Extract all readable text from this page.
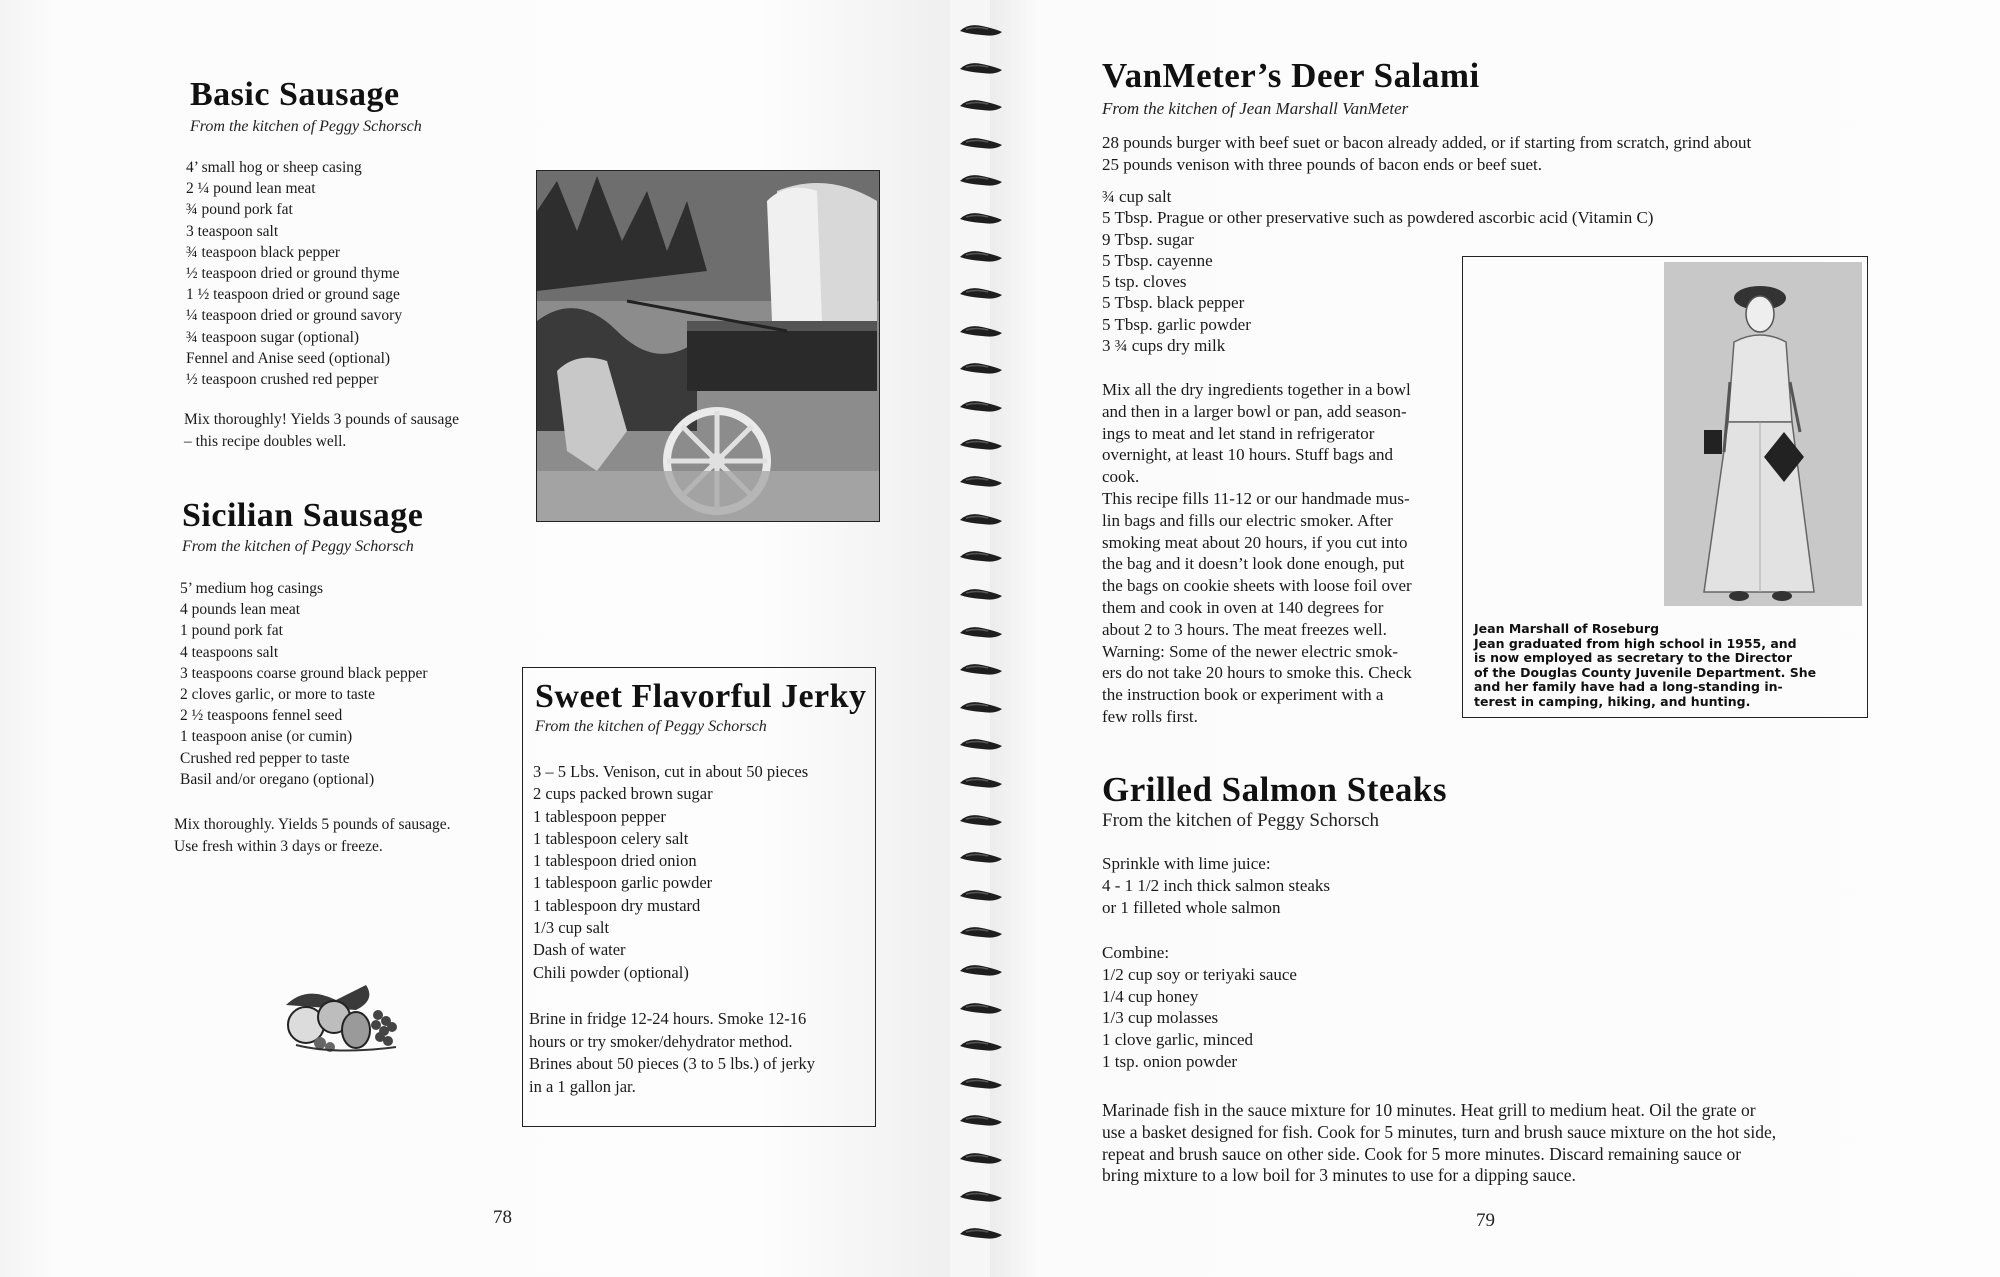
Basic Sausage
From the kitchen of Peggy Schorsch
4’ small hog or sheep casing
2 ¼ pound lean meat
¾ pound pork fat
3 teaspoon salt
¾ teaspoon black pepper
½ teaspoon dried or ground thyme
1 ½ teaspoon dried or ground sage
¼ teaspoon dried or ground savory
¾ teaspoon sugar (optional)
Fennel and Anise seed (optional)
½ teaspoon crushed red pepper
Mix thoroughly! Yields 3 pounds of sausage
– this recipe doubles well.
Sicilian Sausage
From the kitchen of Peggy Schorsch
5’ medium hog casings
4 pounds lean meat
1 pound pork fat
4 teaspoons salt
3 teaspoons coarse ground black pepper
2 cloves garlic, or more to taste
2 ½ teaspoons fennel seed
1 teaspoon anise (or cumin)
Crushed red pepper to taste
Basil and/or oregano (optional)
Mix thoroughly. Yields 5 pounds of sausage.
Use fresh within 3 days or freeze.
Sweet Flavorful Jerky
From the kitchen of Peggy Schorsch
3 – 5 Lbs. Venison, cut in about 50 pieces
2 cups packed brown sugar
1 tablespoon pepper
1 tablespoon celery salt
1 tablespoon dried onion
1 tablespoon garlic powder
1 tablespoon dry mustard
1/3 cup salt
Dash of water
Chili powder (optional)
Brine in fridge 12-24 hours. Smoke 12-16
hours or try smoker/dehydrator method.
Brines about 50 pieces (3 to 5 lbs.) of jerky
in a 1 gallon jar.
78
VanMeter’s Deer Salami
From the kitchen of Jean Marshall VanMeter
28 pounds burger with beef suet or bacon already added, or if starting from scratch, grind about
25 pounds venison with three pounds of bacon ends or beef suet.
¾ cup salt
5 Tbsp. Prague or other preservative such as powdered ascorbic acid (Vitamin C)
9 Tbsp. sugar
5 Tbsp. cayenne
5 tsp. cloves
5 Tbsp. black pepper
5 Tbsp. garlic powder
3 ¾ cups dry milk
Mix all the dry ingredients together in a bowl
and then in a larger bowl or pan, add season-
ings to meat and let stand in refrigerator
overnight, at least 10 hours. Stuff bags and
cook.
This recipe fills 11-12 or our handmade mus-
lin bags and fills our electric smoker. After
smoking meat about 20 hours, if you cut into
the bag and it doesn’t look done enough, put
the bags on cookie sheets with loose foil over
them and cook in oven at 140 degrees for
about 2 to 3 hours. The meat freezes well.
Warning: Some of the newer electric smok-
ers do not take 20 hours to smoke this. Check
the instruction book or experiment with a
few rolls first.
Jean Marshall of Roseburg
Jean graduated from high school in 1955, and
is now employed as secretary to the Director
of the Douglas County Juvenile Department. She
and her family have had a long-standing in-
terest in camping, hiking, and hunting.
Grilled Salmon Steaks
From the kitchen of Peggy Schorsch
Sprinkle with lime juice:
4 - 1 1/2 inch thick salmon steaks
or 1 filleted whole salmon
Combine:
1/2 cup soy or teriyaki sauce
1/4 cup honey
1/3 cup molasses
1 clove garlic, minced
1 tsp. onion powder
Marinade fish in the sauce mixture for 10 minutes. Heat grill to medium heat. Oil the grate or
use a basket designed for fish. Cook for 5 minutes, turn and brush sauce mixture on the hot side,
repeat and brush sauce on other side. Cook for 5 more minutes. Discard remaining sauce or
bring mixture to a low boil for 3 minutes to use for a dipping sauce.
79
